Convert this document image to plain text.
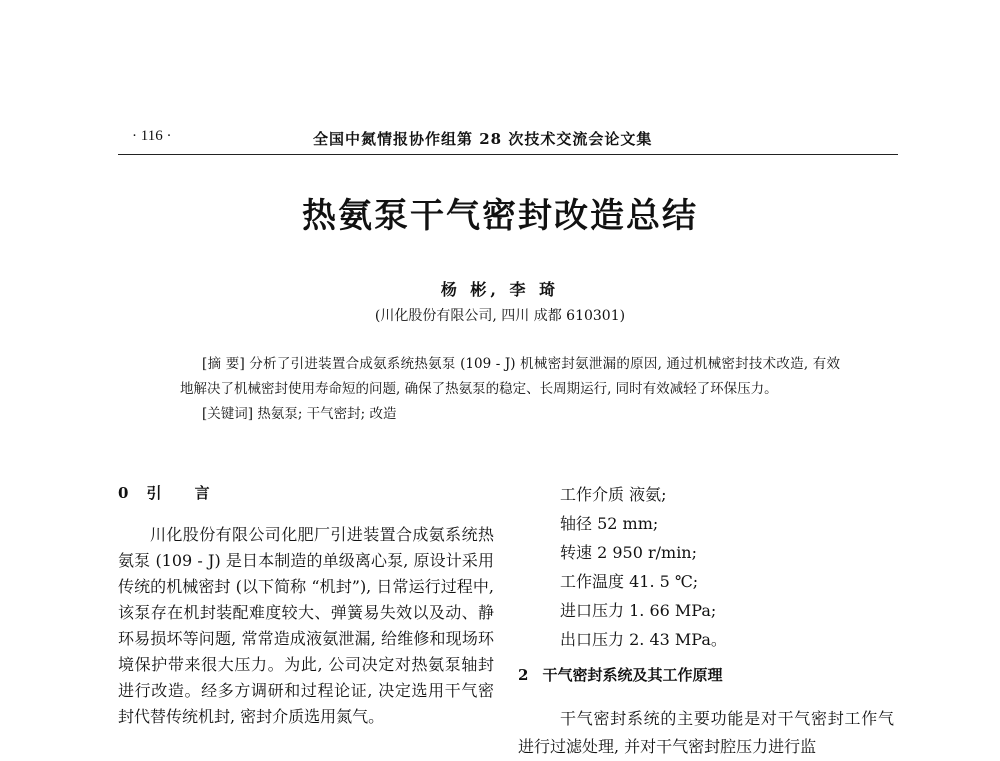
· 116 ·	全国中氮情报协作组第 28 次技术交流会论文集
热氨泵干气密封改造总结
杨 彬, 李 琦
(川化股份有限公司, 四川 成都 610301)

[摘 要] 分析了引进装置合成氨系统热氨泵 (109 - J) 机械密封氨泄漏的原因, 通过机械密封技术改造, 有效地解决了机械密封使用寿命短的问题, 确保了热氨泵的稳定、长周期运行, 同时有效减轻了环保压力。

[关键词] 热氨泵; 干气密封; 改造

0 引 言

川化股份有限公司化肥厂引进装置合成氨系统热氨泵 (109 - J) 是日本制造的单级离心泵, 原设计采用传统的机械密封 (以下简称 “机封”), 日常运行过程中, 该泵存在机封装配难度较大、弹簧易失效以及动、静环易损坏等问题, 常常造成液氨泄漏, 给维修和现场环境保护带来很大压力。为此, 公司决定对热氨泵轴封进行改造。经多方调研和过程论证, 决定选用干气密封代替传统机封, 密封介质选用氮气。

工作介质 液氨;
轴径 52 mm;
转速 2 950 r/min;
工作温度 41. 5 ℃;
进口压力 1. 66 MPa;
出口压力 2. 43 MPa。
2 干气密封系统及其工作原理

干气密封系统的主要功能是对干气密封工作气进行过滤处理, 并对干气密封腔压力进行监
